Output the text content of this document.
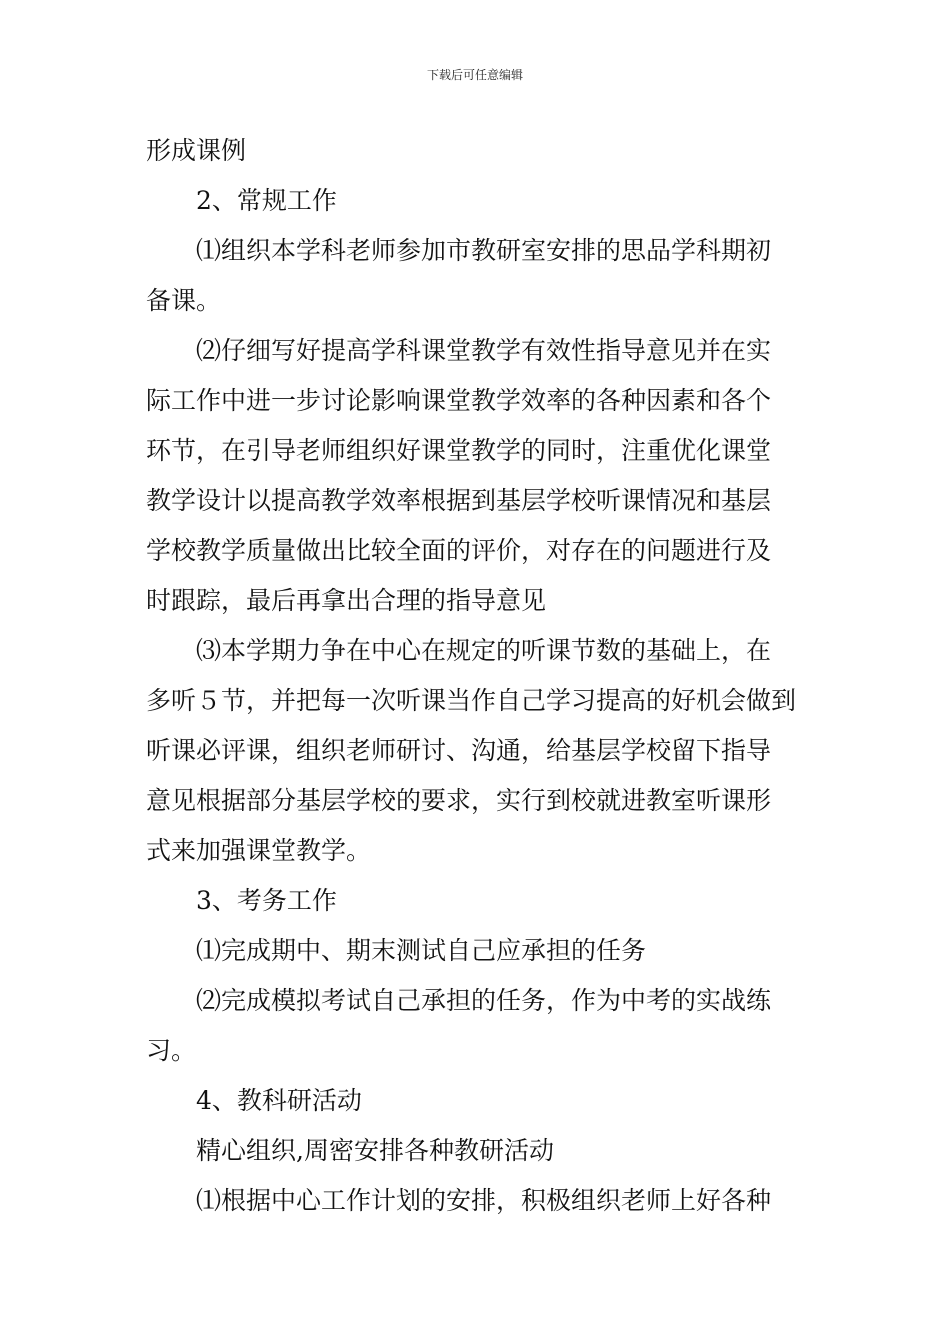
下载后可任意编辑
形成课例
2、常规工作
⑴组织本学科老师参加市教研室安排的思品学科期初
备课。
⑵仔细写好提高学科课堂教学有效性指导意见并在实
际工作中进一步讨论影响课堂教学效率的各种因素和各个
环节，在引导老师组织好课堂教学的同时，注重优化课堂
教学设计以提高教学效率根据到基层学校听课情况和基层
学校教学质量做出比较全面的评价，对存在的问题进行及
时跟踪，最后再拿出合理的指导意见
⑶本学期力争在中心在规定的听课节数的基础上，在
多听５节，并把每一次听课当作自己学习提高的好机会做到
听课必评课，组织老师研讨、沟通，给基层学校留下指导
意见根据部分基层学校的要求，实行到校就进教室听课形
式来加强课堂教学。
3、考务工作
⑴完成期中、期末测试自己应承担的任务
⑵完成模拟考试自己承担的任务，作为中考的实战练
习。
4、教科研活动
精心组织,周密安排各种教研活动
⑴根据中心工作计划的安排，积极组织老师上好各种
